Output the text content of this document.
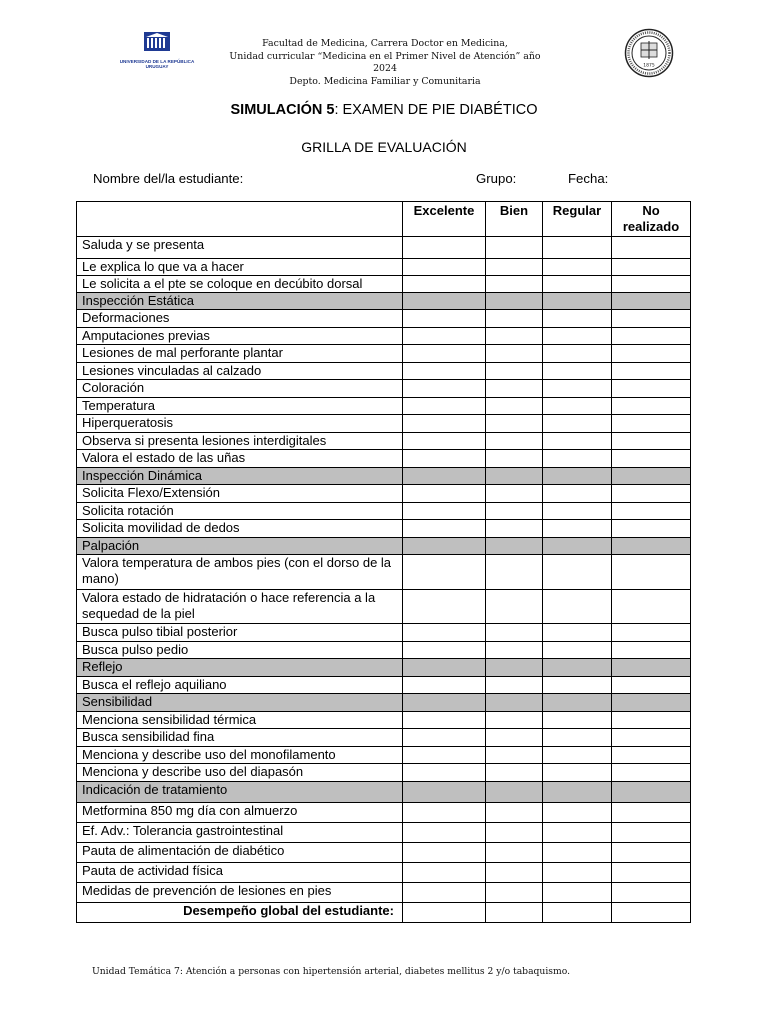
UNIVERSIDAD DE LA REPÚBLICA URUGUAY
Facultad de Medicina, Carrera Doctor en Medicina,
Unidad curricular “Medicina en el Primer Nivel de Atención” año 2024
Depto. Medicina Familiar y Comunitaria
1875
SIMULACIÓN 5: EXAMEN DE PIE DIABÉTICO
GRILLA DE EVALUACIÓN
Nombre del/la estudiante:	Grupo:	Fecha:
	Excelente	Bien	Regular	No realizado
Saluda y se presenta				
Le explica lo que va a hacer				
Le solicita a el pte se coloque en decúbito dorsal				
Inspección Estática				
Deformaciones				
Amputaciones previas				
Lesiones de mal perforante plantar				
Lesiones vinculadas al calzado				
Coloración				
Temperatura				
Hiperqueratosis				
Observa si presenta lesiones interdigitales				
Valora el estado de las uñas				
Inspección Dinámica				
Solicita Flexo/Extensión				
Solicita rotación				
Solicita movilidad de dedos				
Palpación				
Valora temperatura de ambos pies (con el dorso de la mano)				
Valora estado de hidratación o hace referencia a la sequedad de la piel				
Busca pulso tibial posterior				
Busca pulso pedio				
Reflejo				
Busca el reflejo aquiliano				
Sensibilidad				
Menciona sensibilidad térmica				
Busca sensibilidad fina				
Menciona y describe uso del monofilamento				
Menciona y describe uso del diapasón				
Indicación de tratamiento				
Metformina 850 mg día con almuerzo				
Ef. Adv.: Tolerancia gastrointestinal				
Pauta de alimentación de diabético				
Pauta de actividad física				
Medidas de prevención de lesiones en pies				
Desempeño global del estudiante:				
Unidad Temática 7: Atención a personas con hipertensión arterial, diabetes mellitus 2 y/o tabaquismo.
